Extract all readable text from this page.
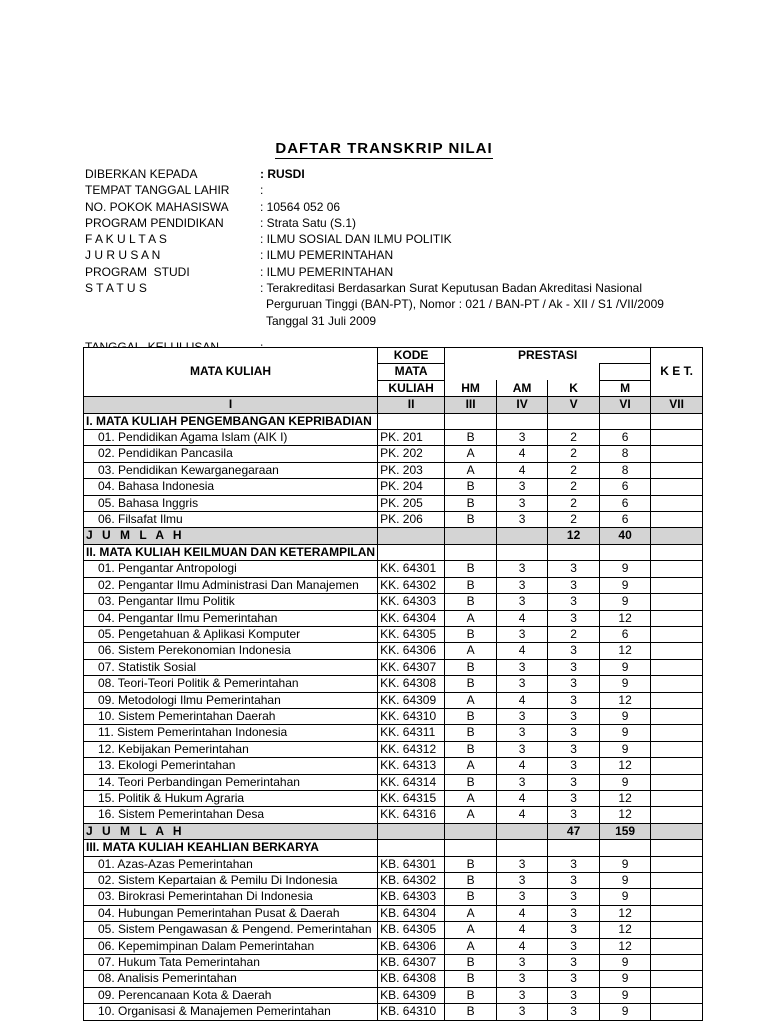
DAFTAR TRANSKRIP NILAI
DIBERKAN KEPADA	: RUSDI
TEMPAT TANGGAL LAHIR	:
NO. POKOK MAHASISWA	: 10564 052 06
PROGRAM PENDIDIKAN	: Strata Satu (S.1)
F A K U L T A S	: ILMU SOSIAL DAN ILMU POLITIK
J U R U S A N	: ILMU PEMERINTAHAN
PROGRAM  STUDI	: ILMU PEMERINTAHAN
S T A T U S	: Terakreditasi Berdasarkan Surat Keputusan Badan Akreditasi Nasional
Perguruan Tinggi (BAN-PT), Nomor : 021 / BAN-PT / Ak - XII / S1 /VII/2009
Tanggal 31 Juli 2009
TANGGAL  KELULUSAN	:
MATA KULIAH	KODE	PRESTASI				K E T.
	MATA					
	KULIAH	HM	AM	K	M	
I	II	III	IV	V	VI	VII
I. MATA KULIAH PENGEMBANGAN KEPRIBADIAN						
01. Pendidikan Agama Islam (AIK I)	PK. 201	B	3	2	6	
02. Pendidikan Pancasila	PK. 202	A	4	2	8	
03. Pendidikan Kewarganegaraan	PK. 203	A	4	2	8	
04. Bahasa Indonesia	PK. 204	B	3	2	6	
05. Bahasa Inggris	PK. 205	B	3	2	6	
06. Filsafat Ilmu	PK. 206	B	3	2	6	
J U M L A H				12	40	
II. MATA KULIAH KEILMUAN DAN KETERAMPILAN						
01. Pengantar Antropologi	KK. 64301	B	3	3	9	
02. Pengantar Ilmu Administrasi Dan Manajemen	KK. 64302	B	3	3	9	
03. Pengantar Ilmu Politik	KK. 64303	B	3	3	9	
04. Pengantar Ilmu Pemerintahan	KK. 64304	A	4	3	12	
05. Pengetahuan & Aplikasi Komputer	KK. 64305	B	3	2	6	
06. Sistem Perekonomian Indonesia	KK. 64306	A	4	3	12	
07. Statistik Sosial	KK. 64307	B	3	3	9	
08. Teori-Teori Politik & Pemerintahan	KK. 64308	B	3	3	9	
09. Metodologi Ilmu Pemerintahan	KK. 64309	A	4	3	12	
10. Sistem Pemerintahan Daerah	KK. 64310	B	3	3	9	
11. Sistem Pemerintahan Indonesia	KK. 64311	B	3	3	9	
12. Kebijakan Pemerintahan	KK. 64312	B	3	3	9	
13. Ekologi Pemerintahan	KK. 64313	A	4	3	12	
14. Teori Perbandingan Pemerintahan	KK. 64314	B	3	3	9	
15. Politik & Hukum Agraria	KK. 64315	A	4	3	12	
16. Sistem Pemerintahan Desa	KK. 64316	A	4	3	12	
J U M L A H				47	159	
III. MATA KULIAH KEAHLIAN BERKARYA						
01. Azas-Azas Pemerintahan	KB. 64301	B	3	3	9	
02. Sistem Kepartaian & Pemilu Di Indonesia	KB. 64302	B	3	3	9	
03. Birokrasi Pemerintahan Di Indonesia	KB. 64303	B	3	3	9	
04. Hubungan Pemerintahan Pusat & Daerah	KB. 64304	A	4	3	12	
05. Sistem Pengawasan & Pengend. Pemerintahan	KB. 64305	A	4	3	12	
06. Kepemimpinan Dalam Pemerintahan	KB. 64306	A	4	3	12	
07. Hukum Tata Pemerintahan	KB. 64307	B	3	3	9	
08. Analisis Pemerintahan	KB. 64308	B	3	3	9	
09. Perencanaan Kota & Daerah	KB. 64309	B	3	3	9	
10. Organisasi & Manajemen Pemerintahan	KB. 64310	B	3	3	9	
